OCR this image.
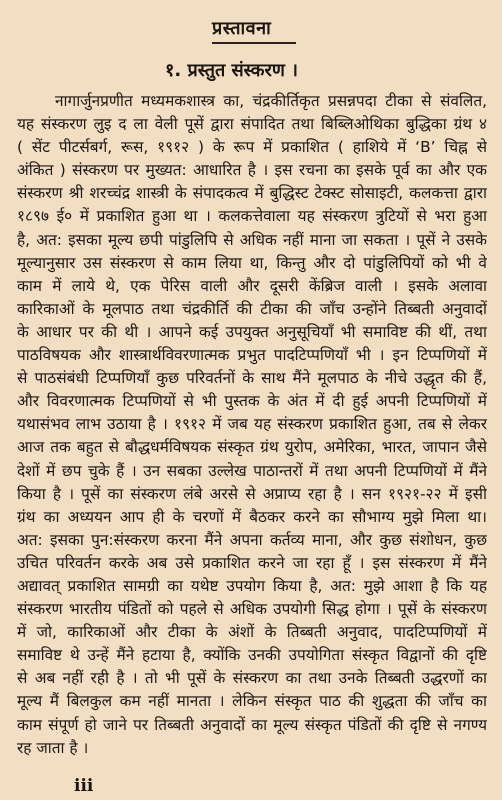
प्रस्तावना
१. प्रस्तुत संस्करण ।
नागार्जुनप्रणीत मध्यमकशास्त्र का, चंद्रकीर्तिकृत प्रसन्नपदा टीका से संवलित,
यह संस्करण लुइ द ला वेली पूसें द्वारा संपादित तथा बिब्लिओथिका बुद्धिका ग्रंथ ४
( सेंट पीटर्सबर्ग, रूस, १९१२ ) के रूप में प्रकाशित ( हाशिये में ‘B’ चिह्न से
अंकित ) संस्करण पर मुख्यत: आधारित है । इस रचना का इसके पूर्व का और एक
संस्करण श्री शरच्चंद्र शास्त्री के संपादकत्व में बुद्धिस्ट टेक्स्ट सोसाइटी, कलकत्ता द्वारा
१८९७ ई० में प्रकाशित हुआ था । कलकत्तेवाला यह संस्करण त्रुटियों से भरा हुआ
है, अत: इसका मूल्य छपी पांडुलिपि से अधिक नहीं माना जा सकता । पूसें ने उसके
मूल्यानुसार उस संस्करण से काम लिया था, किन्तु और दो पांडुलिपियों को भी वे
काम में लाये थे, एक पेरिस वाली और दूसरी केंब्रिज वाली । इसके अलावा
कारिकाओं के मूलपाठ तथा चंद्रकीर्ति की टीका की जाँच उन्होंने तिब्बती अनुवादों
के आधार पर की थी । आपने कई उपयुक्त अनुसूचियाँ भी समाविष्ट की थीं, तथा
पाठविषयक और शास्त्रार्थविवरणात्मक प्रभुत पादटिप्पणियाँ भी । इन टिप्पणियों में
से पाठसंबंधी टिप्पणियाँ कुछ परिवर्तनों के साथ मैंने मूलपाठ के नीचे उद्धृत की हैं,
और विवरणात्मक टिप्पणियों से भी पुस्तक के अंत में दी हुई अपनी टिप्पणियों में
यथासंभव लाभ उठाया है । १९१२ में जब यह संस्करण प्रकाशित हुआ, तब से लेकर
आज तक बहुत से बौद्धधर्मविषयक संस्कृत ग्रंथ युरोप, अमेरिका, भारत, जापान जैसे
देशों में छप चुके हैं । उन सबका उल्लेख पाठान्तरों में तथा अपनी टिप्पणियों में मैंने
किया है । पूसें का संस्करण लंबे अरसे से अप्राप्य रहा है । सन १९२१-२२ में इसी
ग्रंथ का अध्ययन आप ही के चरणों में बैठकर करने का सौभाग्य मुझे मिला था।
अत: इसका पुन:संस्करण करना मैंने अपना कर्तव्य माना, और कुछ संशोधन, कुछ
उचित परिवर्तन करके अब उसे प्रकाशित करने जा रहा हूँ । इस संस्करण में मैंने
अद्यावत् प्रकाशित सामग्री का यथेष्ट उपयोग किया है, अत: मुझे आशा है कि यह
संस्करण भारतीय पंडितों को पहले से अधिक उपयोगी सिद्ध होगा । पूसें के संस्करण
में जो, कारिकाओं और टीका के अंशों के तिब्बती अनुवाद, पादटिप्पणियों में
समाविष्ट थे उन्हें मैंने हटाया है, क्योंकि उनकी उपयोगिता संस्कृत विद्वानों की दृष्टि
से अब नहीं रही है । तो भी पूसें के संस्करण का तथा उनके तिब्बती उद्धरणों का
मूल्य मैं बिलकुल कम नहीं मानता । लेकिन संस्कृत पाठ की शुद्धता की जाँच का
काम संपूर्ण हो जाने पर तिब्बती अनुवादों का मूल्य संस्कृत पंडितों की दृष्टि से नगण्य
रह जाता है ।
iii
